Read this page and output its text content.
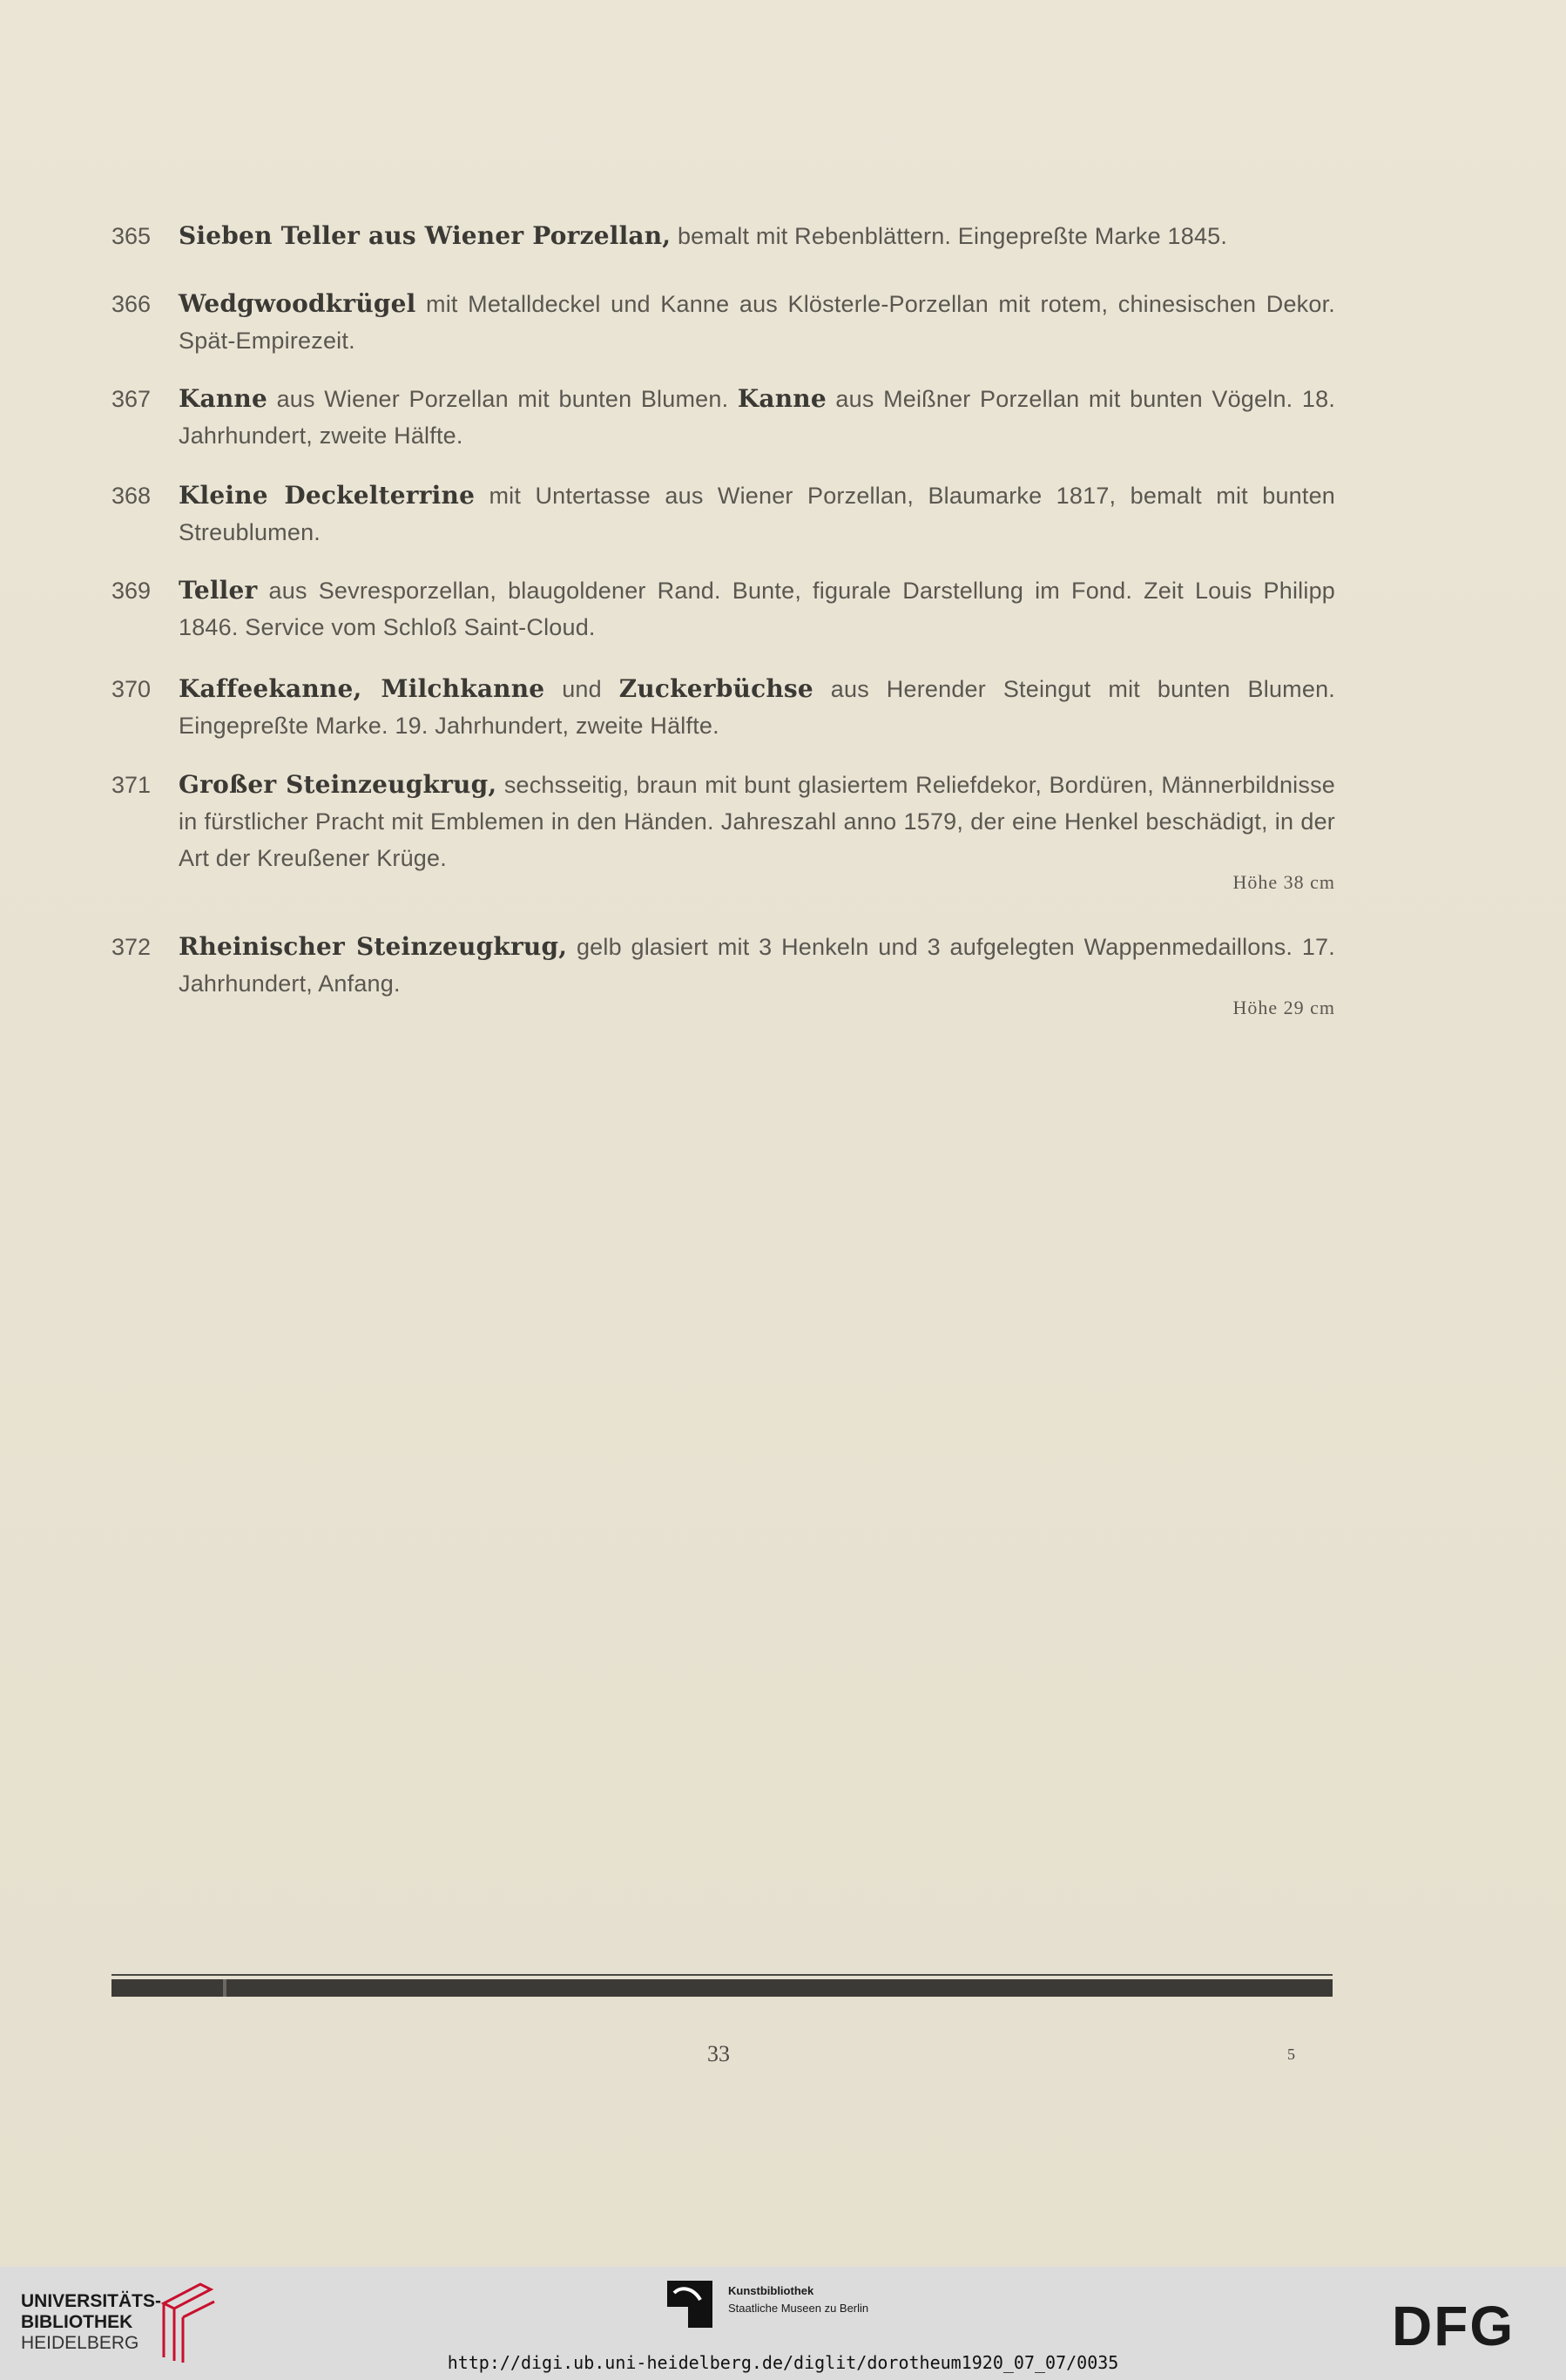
365 Sieben Teller aus Wiener Porzellan, bemalt mit Rebenblättern. Eingepreßte Marke 1845.
366 Wedgwoodkrügel mit Metalldeckel und Kanne aus Klösterle-Porzellan mit rotem, chinesischen Dekor. Spät-Empirezeit.
367 Kanne aus Wiener Porzellan mit bunten Blumen. Kanne aus Meißner Porzellan mit bunten Vögeln. 18. Jahrhundert, zweite Hälfte.
368 Kleine Deckelterrine mit Untertasse aus Wiener Porzellan, Blaumarke 1817, bemalt mit bunten Streublumen.
369 Teller aus Sevresporzellan, blaugoldener Rand. Bunte, figurale Darstellung im Fond. Zeit Louis Philipp 1846. Service vom Schloß Saint-Cloud.
370 Kaffeekanne, Milchkanne und Zuckerbüchse aus Herender Steingut mit bunten Blumen. Eingepreßte Marke. 19. Jahrhundert, zweite Hälfte.
371 Großer Steinzeugkrug, sechsseitig, braun mit bunt glasiertem Reliefdekor, Bordüren, Männerbildnisse in fürstlicher Pracht mit Emblemen in den Händen. Jahreszahl anno 1579, der eine Henkel beschädigt, in der Art der Kreußener Krüge.
Höhe 38 cm
372 Rheinischer Steinzeugkrug, gelb glasiert mit 3 Henkeln und 3 aufgelegten Wappenmedaillons. 17. Jahrhundert, Anfang.
Höhe 29 cm
33	5
UNIVERSITÄTS-
BIBLIOTHEK
HEIDELBERG
Kunstbibliothek
Staatliche Museen zu Berlin	DFG
http://digi.ub.uni-heidelberg.de/diglit/dorotheum1920_07_07/0035
